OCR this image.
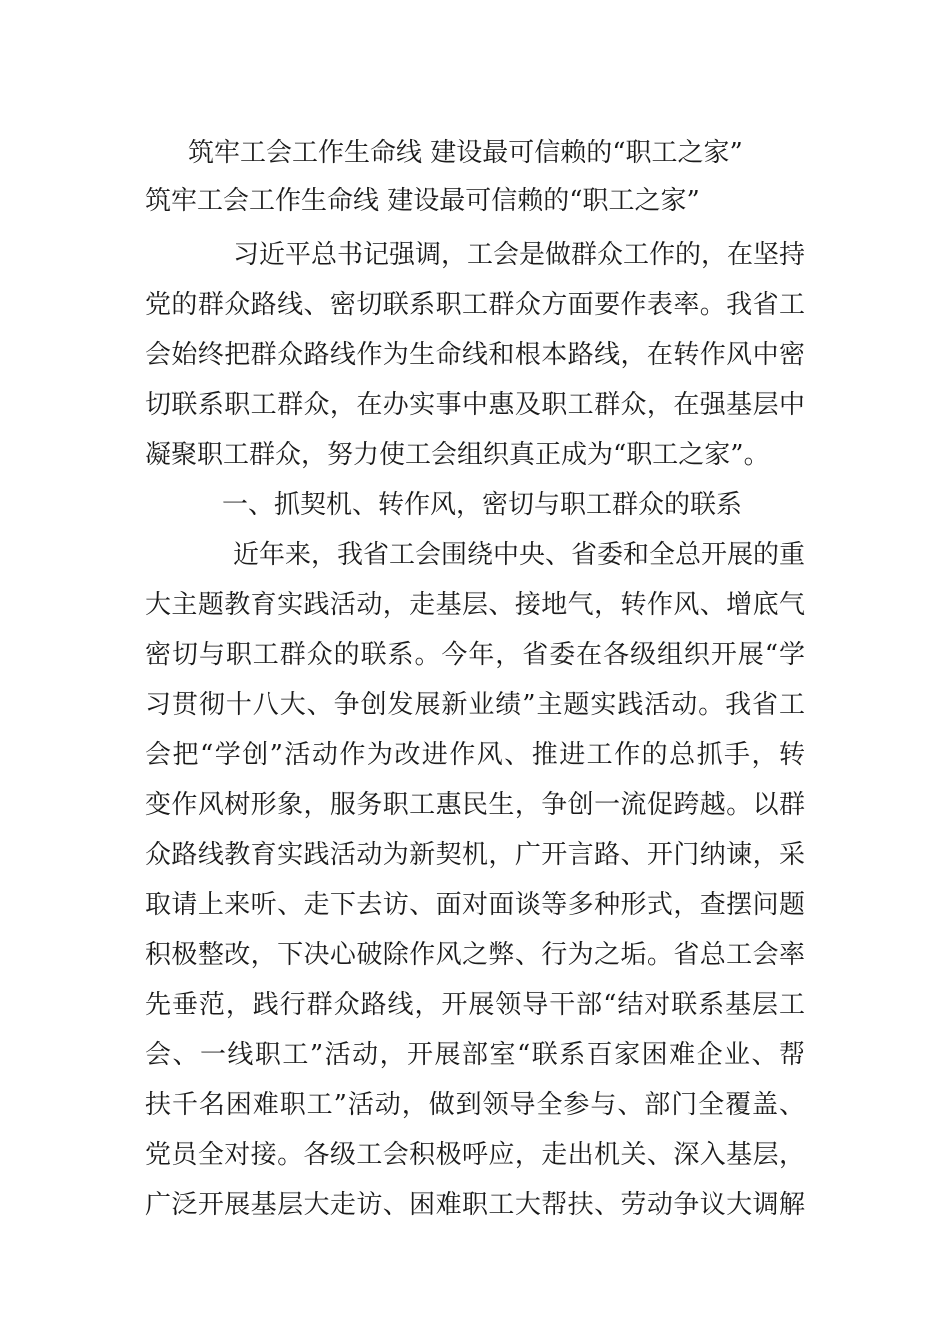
筑牢工会工作生命线 建设最可信赖的“职工之家”
筑牢工会工作生命线 建设最可信赖的“职工之家”
习近平总书记强调，工会是做群众工作的，在坚持
党的群众路线、密切联系职工群众方面要作表率。我省工
会始终把群众路线作为生命线和根本路线，在转作风中密
切联系职工群众，在办实事中惠及职工群众，在强基层中
凝聚职工群众，努力使工会组织真正成为“职工之家”。
一、抓契机、转作风，密切与职工群众的联系
近年来，我省工会围绕中央、省委和全总开展的重
大主题教育实践活动，走基层、接地气，转作风、增底气
密切与职工群众的联系。今年，省委在各级组织开展“学
习贯彻十八大、争创发展新业绩”主题实践活动。我省工
会把“学创”活动作为改进作风、推进工作的总抓手，转
变作风树形象，服务职工惠民生，争创一流促跨越。以群
众路线教育实践活动为新契机，广开言路、开门纳谏，采
取请上来听、走下去访、面对面谈等多种形式，查摆问题
积极整改，下决心破除作风之弊、行为之垢。省总工会率
先垂范，践行群众路线，开展领导干部“结对联系基层工
会、一线职工”活动，开展部室“联系百家困难企业、帮
扶千名困难职工”活动，做到领导全参与、部门全覆盖、
党员全对接。各级工会积极呼应，走出机关、深入基层，
广泛开展基层大走访、困难职工大帮扶、劳动争议大调解
